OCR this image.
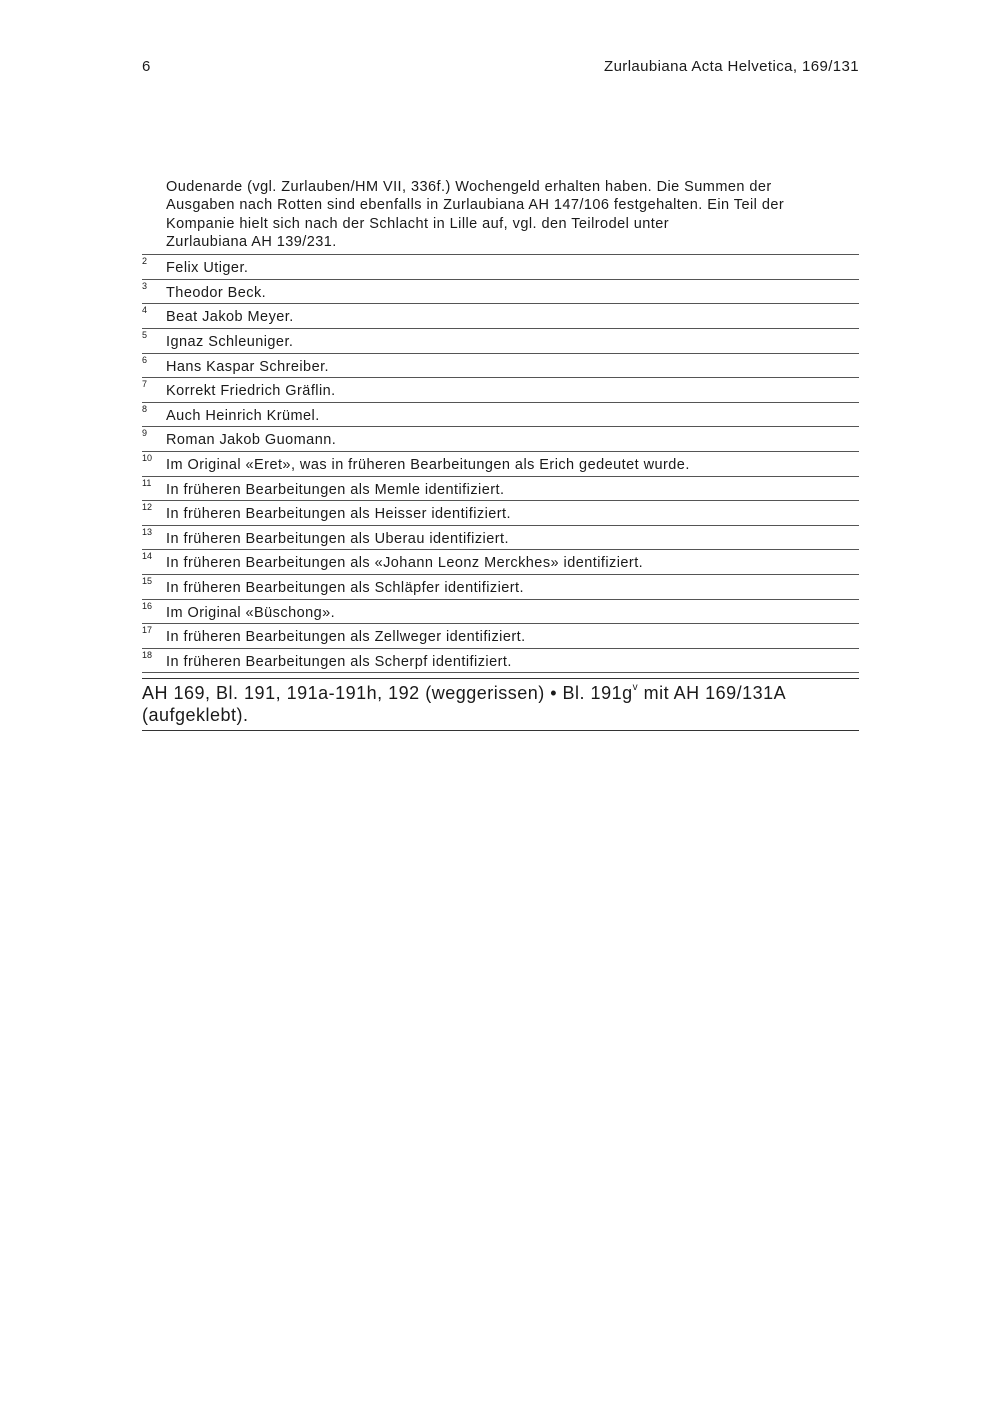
6	Zurlaubiana Acta Helvetica, 169/131
Oudenarde (vgl. Zurlauben/HM VII, 336f.) Wochengeld erhalten haben. Die Summen der
Ausgaben nach Rotten sind ebenfalls in Zurlaubiana AH 147/106 festgehalten. Ein Teil der
Kompanie hielt sich nach der Schlacht in Lille auf, vgl. den Teilrodel unter
Zurlaubiana AH 139/231.
2 Felix Utiger.
3 Theodor Beck.
4 Beat Jakob Meyer.
5 Ignaz Schleuniger.
6 Hans Kaspar Schreiber.
7 Korrekt Friedrich Gräflin.
8 Auch Heinrich Krümel.
9 Roman Jakob Guomann.
10 Im Original «Eret», was in früheren Bearbeitungen als Erich gedeutet wurde.
11 In früheren Bearbeitungen als Memle identifiziert.
12 In früheren Bearbeitungen als Heisser identifiziert.
13 In früheren Bearbeitungen als Uberau identifiziert.
14 In früheren Bearbeitungen als «Johann Leonz Merckhes» identifiziert.
15 In früheren Bearbeitungen als Schläpfer identifiziert.
16 Im Original «Büschong».
17 In früheren Bearbeitungen als Zellweger identifiziert.
18 In früheren Bearbeitungen als Scherpf identifiziert.
AH 169, Bl. 191, 191a-191h, 192 (weggerissen) • Bl. $191g^v$ mit AH 169/131A (aufgeklebt).
